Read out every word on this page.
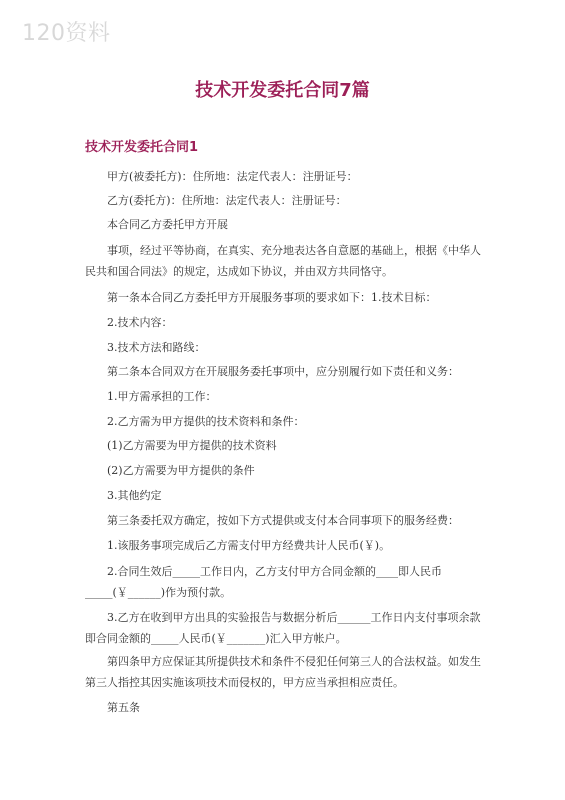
120资料
技术开发委托合同7篇
技术开发委托合同1

甲方(被委托方)：住所地：法定代表人：注册证号：

乙方(委托方)：住所地：法定代表人：注册证号：

本合同乙方委托甲方开展

事项，经过平等协商，在真实、充分地表达各自意愿的基础上，根据《中华人民共和国合同法》的规定，达成如下协议，并由双方共同恪守。

第一条本合同乙方委托甲方开展服务事项的要求如下：1.技术目标：

2.技术内容：

3.技术方法和路线：

第二条本合同双方在开展服务委托事项中，应分别履行如下责任和义务：

1.甲方需承担的工作：

2.乙方需为甲方提供的技术资料和条件：

(1)乙方需要为甲方提供的技术资料

(2)乙方需要为甲方提供的条件

3.其他约定

第三条委托双方确定，按如下方式提供或支付本合同事项下的服务经费：

1.该服务事项完成后乙方需支付甲方经费共计人民币(￥)。

2.合同生效后_____工作日内，乙方支付甲方合同金额的____即人民币_____(￥______)作为预付款。

3.乙方在收到甲方出具的实验报告与数据分析后______工作日内支付事项余款即合同金额的_____人民币(￥_______)汇入甲方帐户。

第四条甲方应保证其所提供技术和条件不侵犯任何第三人的合法权益。如发生第三人指控其因实施该项技术而侵权的，甲方应当承担相应责任。

第五条
